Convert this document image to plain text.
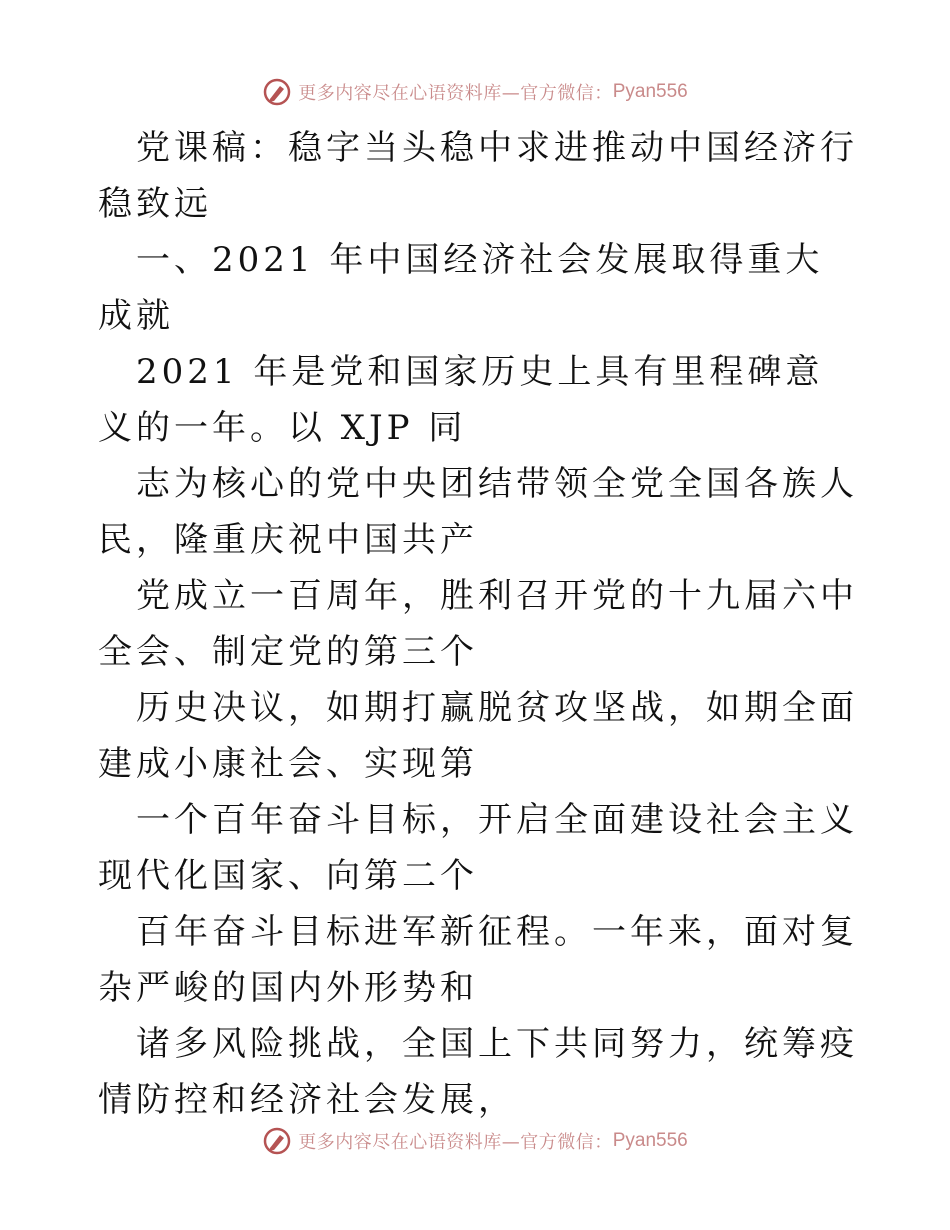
更多内容尽在心语资料库—官方微信： Pyan556

党课稿：稳字当头稳中求进推动中国经济行稳致远

一、2021 年中国经济社会发展取得重大成就

2021 年是党和国家历史上具有里程碑意义的一年。以 XJP 同

志为核心的党中央团结带领全党全国各族人民，隆重庆祝中国共产

党成立一百周年，胜利召开党的十九届六中全会、制定党的第三个

历史决议，如期打赢脱贫攻坚战，如期全面建成小康社会、实现第

一个百年奋斗目标，开启全面建设社会主义现代化国家、向第二个

百年奋斗目标进军新征程。一年来，面对复杂严峻的国内外形势和

诸多风险挑战，全国上下共同努力，统筹疫情防控和经济社会发展，

更多内容尽在心语资料库—官方微信： Pyan556
